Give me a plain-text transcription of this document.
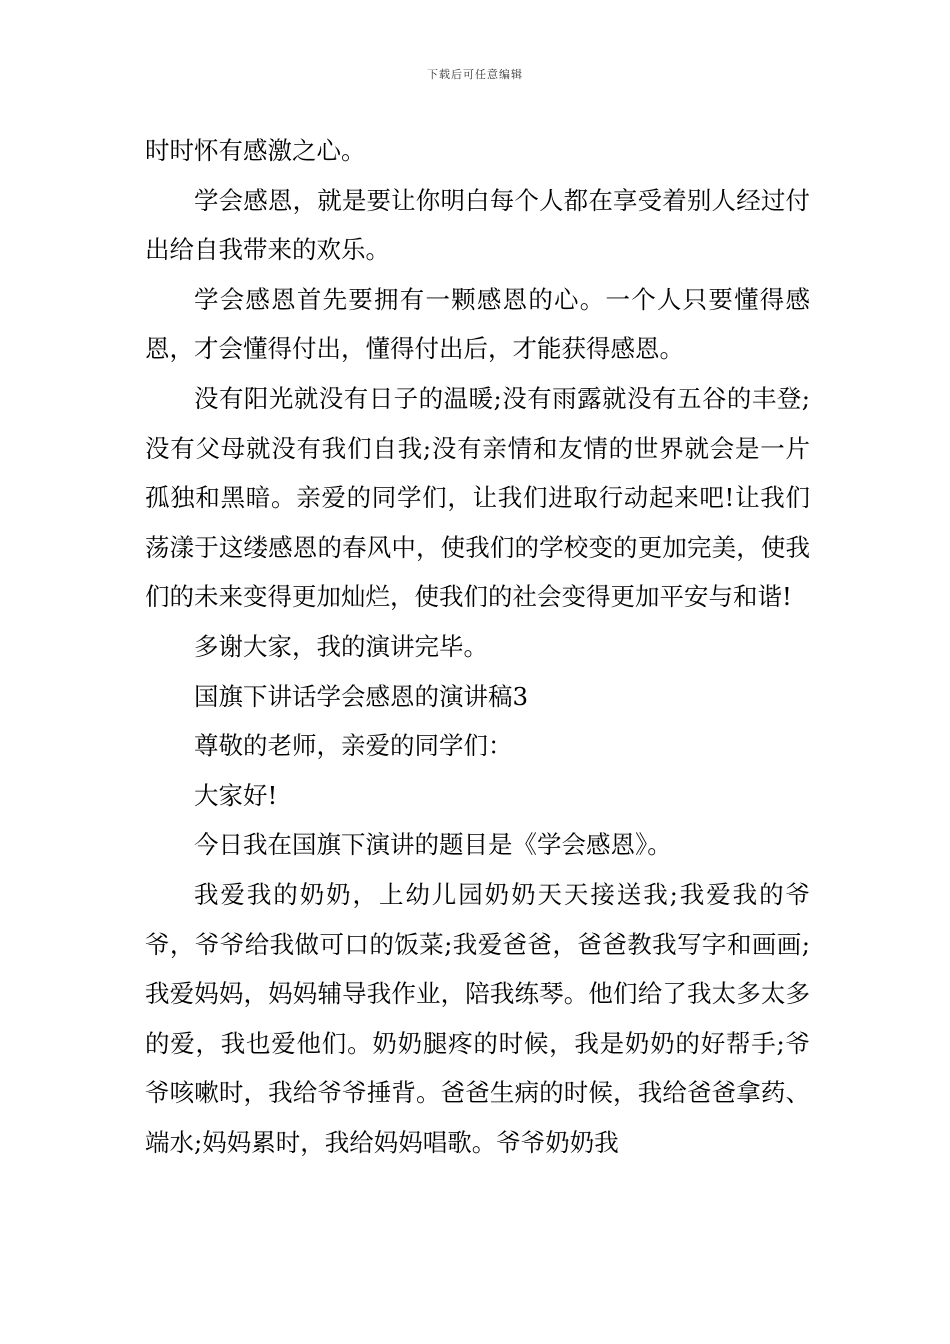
下载后可任意编辑

时时怀有感激之心。

学会感恩，就是要让你明白每个人都在享受着别人经过付出给自我带来的欢乐。

学会感恩首先要拥有一颗感恩的心。一个人只要懂得感恩，才会懂得付出，懂得付出后，才能获得感恩。

没有阳光就没有日子的温暖;没有雨露就没有五谷的丰登;没有父母就没有我们自我;没有亲情和友情的世界就会是一片孤独和黑暗。亲爱的同学们，让我们进取行动起来吧!让我们荡漾于这缕感恩的春风中，使我们的学校变的更加完美，使我们的未来变得更加灿烂，使我们的社会变得更加平安与和谐!

多谢大家，我的演讲完毕。

国旗下讲话学会感恩的演讲稿3

尊敬的老师，亲爱的同学们：

大家好!

今日我在国旗下演讲的题目是《学会感恩》。

我爱我的奶奶，上幼儿园奶奶天天接送我;我爱我的爷爷，爷爷给我做可口的饭菜;我爱爸爸，爸爸教我写字和画画;我爱妈妈，妈妈辅导我作业，陪我练琴。他们给了我太多太多的爱，我也爱他们。奶奶腿疼的时候，我是奶奶的好帮手;爷爷咳嗽时，我给爷爷捶背。爸爸生病的时候，我给爸爸拿药、端水;妈妈累时，我给妈妈唱歌。爷爷奶奶我
